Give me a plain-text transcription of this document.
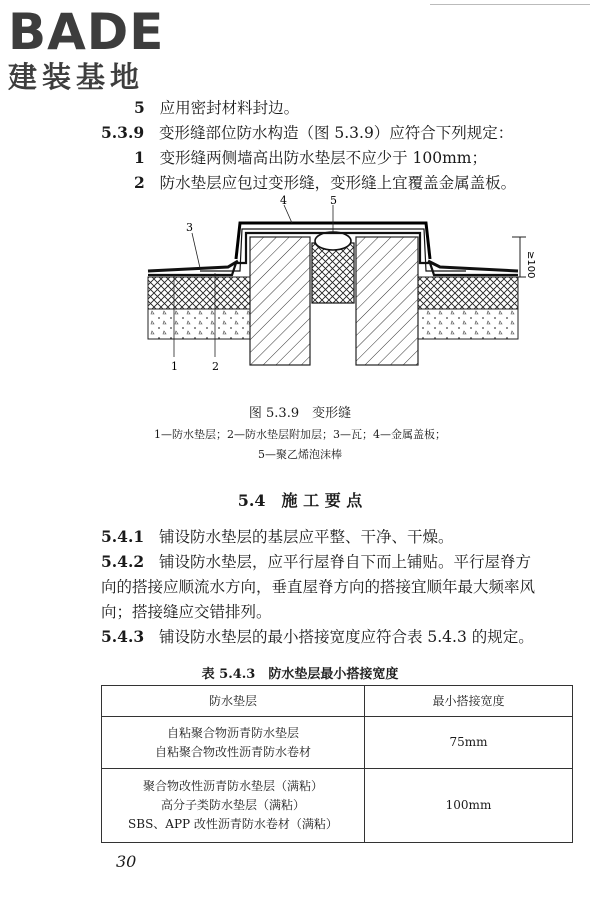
BADE
建装基地
5 应用密封材料封边。
5.3.9 变形缝部位防水构造（图 5.3.9）应符合下列规定：
1 变形缝两侧墙高出防水垫层不应少于 100mm；
2 防水垫层应包过变形缝，变形缝上宜覆盖金属盖板。
≥100
1	2
3
4	5
图 5.3.9　变形缝
1—防水垫层；2—防水垫层附加层；3—瓦；4—金属盖板；
5—聚乙烯泡沫棒
5.4　施 工 要 点
5.4.1 铺设防水垫层的基层应平整、干净、干燥。
5.4.2 铺设防水垫层，应平行屋脊自下而上铺贴。平行屋脊方
向的搭接应顺流水方向，垂直屋脊方向的搭接宜顺年最大频率风
向；搭接缝应交错排列。
5.4.3 铺设防水垫层的最小搭接宽度应符合表 5.4.3 的规定。
表 5.4.3　防水垫层最小搭接宽度
防水垫层	最小搭接宽度

自粘聚合物沥青防水垫层
自粘聚合物改性沥青防水卷材	75mm

聚合物改性沥青防水垫层（满粘）
高分子类防水垫层（满粘）
SBS、APP 改性沥青防水卷材（满粘）	100mm
30
